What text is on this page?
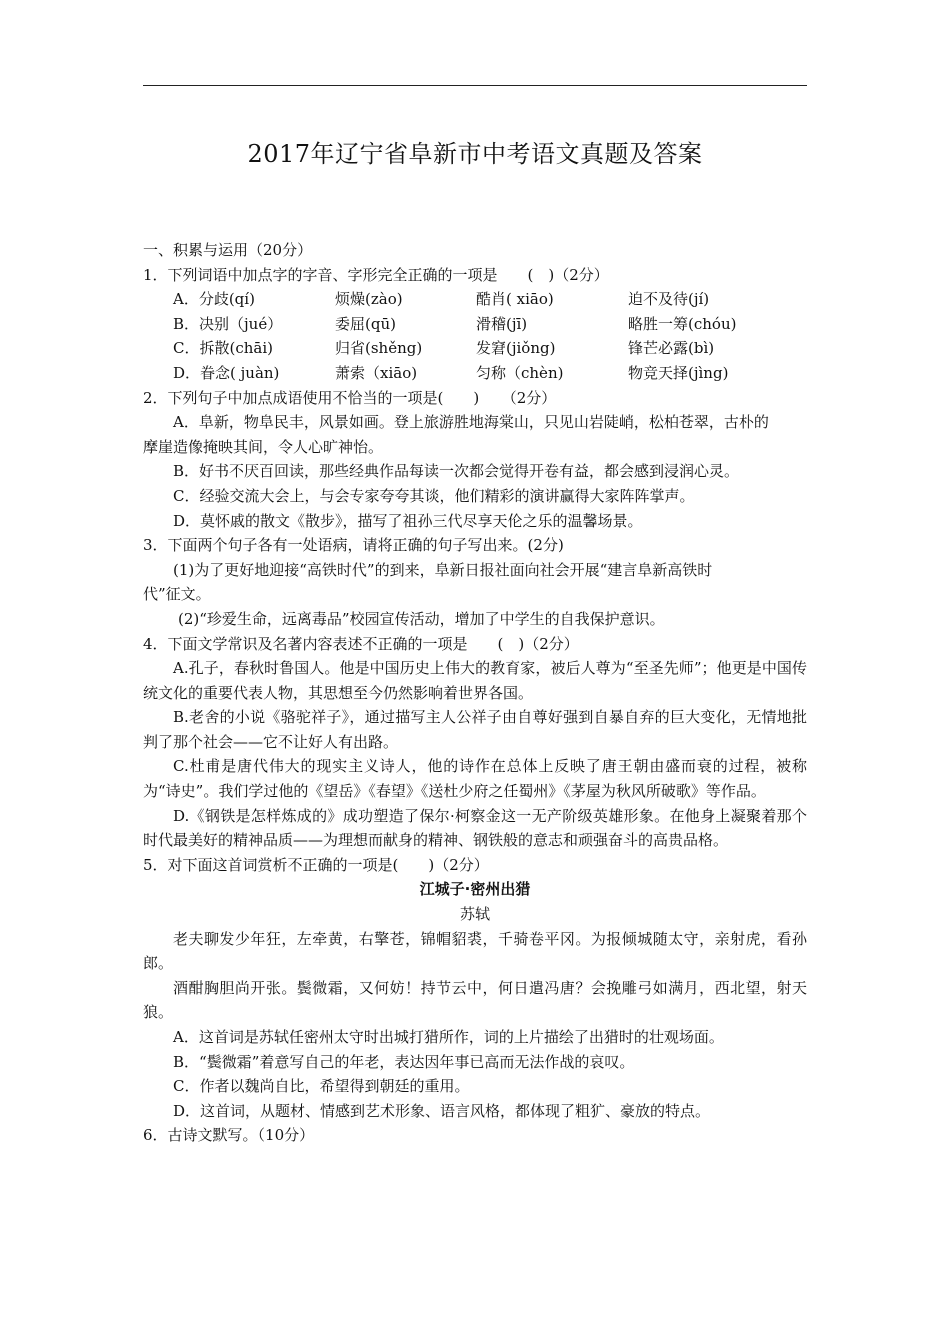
2017年辽宁省阜新市中考语文真题及答案
一、积累与运用（20分）
1．下列词语中加点字的字音、字形完全正确的一项是　　(　)（2分）
A．分歧(qí)	烦燥(zào)	酷肖( xiāo)	迫不及待(jí)
B．决别（jué）	委屈(qū)	滑稽(jī)	略胜一筹(chóu)
C．拆散(chāi)	归省(shěng)	发窘(jiǒng)	锋芒必露(bì)
D．眷念( juàn)	萧索（xiāo)	匀称（chèn)	物竞天择(jìng)
2．下列句子中加点成语使用不恰当的一项是(　　)　　（2分）
A．阜新，物阜民丰，风景如画。登上旅游胜地海棠山，只见山岩陡峭，松柏苍翠，古朴的
摩崖造像掩映其间，令人心旷神怡。
B．好书不厌百回读，那些经典作品每读一次都会觉得开卷有益，都会感到浸润心灵。
C．经验交流大会上，与会专家夸夸其谈，他们精彩的演讲赢得大家阵阵掌声。
D．莫怀戚的散文《散步》，描写了祖孙三代尽享天伦之乐的温馨场景。
3．下面两个句子各有一处语病，请将正确的句子写出来。(2分)
(1)为了更好地迎接“高铁时代”的到来，阜新日报社面向社会开展“建言阜新高铁时
代”征文。
(2)“珍爱生命，远离毒品”校园宣传活动，增加了中学生的自我保护意识。
4．下面文学常识及名著内容表述不正确的一项是　　(　)（2分）
A.孔子，春秋时鲁国人。他是中国历史上伟大的教育家，被后人尊为“至圣先师”；他更是中国传统文化的重要代表人物，其思想至今仍然影响着世界各国。
B.老舍的小说《骆驼祥子》，通过描写主人公祥子由自尊好强到自暴自弃的巨大变化，无情地批判了那个社会——它不让好人有出路。
C.杜甫是唐代伟大的现实主义诗人，他的诗作在总体上反映了唐王朝由盛而衰的过程，被称为“诗史”。我们学过他的《望岳》《春望》《送杜少府之任蜀州》《茅屋为秋风所破歌》等作品。
D.《钢铁是怎样炼成的》成功塑造了保尔·柯察金这一无产阶级英雄形象。在他身上凝聚着那个时代最美好的精神品质——为理想而献身的精神、钢铁般的意志和顽强奋斗的高贵品格。
5．对下面这首词赏析不正确的一项是(　　)（2分）
江城子·密州出猎
苏轼
老夫聊发少年狂，左牵黄，右擎苍，锦帽貂裘，千骑卷平冈。为报倾城随太守，亲射虎，看孙郎。
酒酣胸胆尚开张。鬓微霜，又何妨！持节云中，何日遣冯唐？会挽雕弓如满月，西北望，射天狼。
A．这首词是苏轼任密州太守时出城打猎所作，词的上片描绘了出猎时的壮观场面。
B．“鬓微霜”着意写自己的年老，表达因年事已高而无法作战的哀叹。
C．作者以魏尚自比，希望得到朝廷的重用。
D．这首词，从题材、情感到艺术形象、语言风格，都体现了粗犷、豪放的特点。
6．古诗文默写。（10分）
